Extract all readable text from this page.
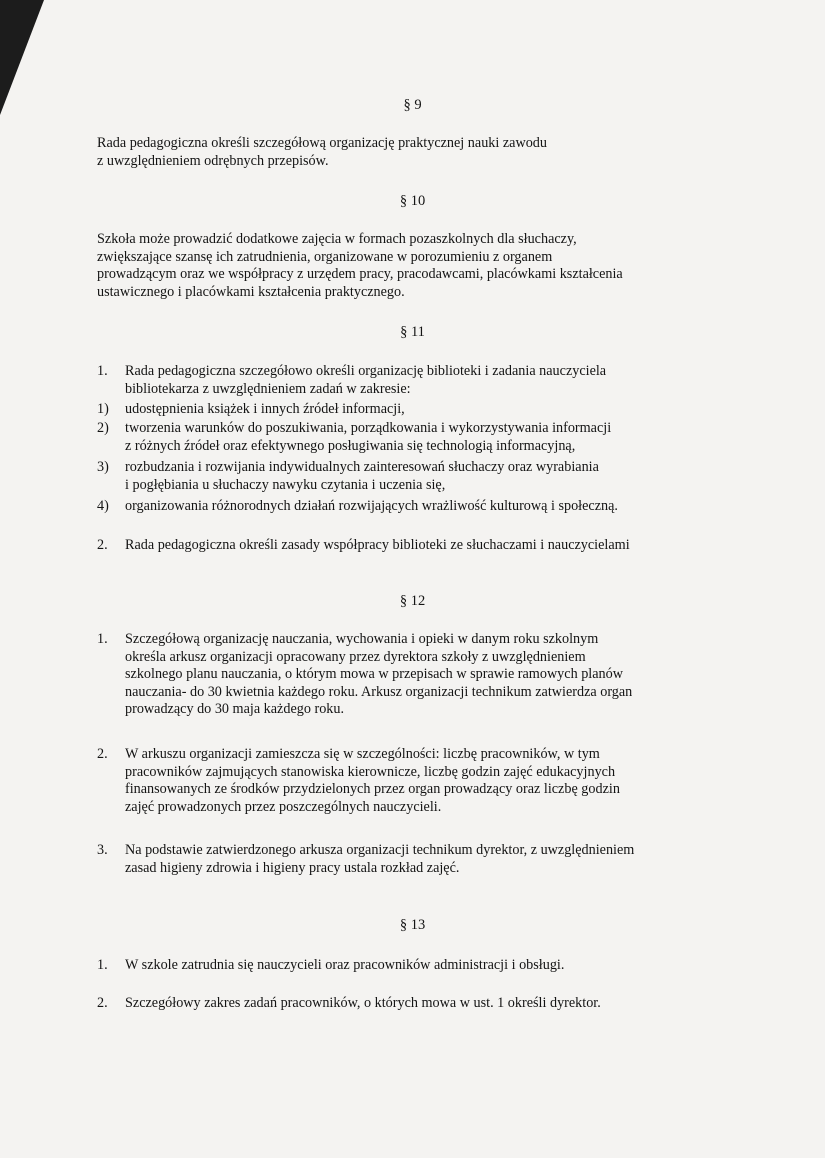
§ 9
Rada pedagogiczna określi szczegółową organizację praktycznej nauki zawodu
z uwzględnieniem odrębnych przepisów.
§ 10
Szkoła może prowadzić dodatkowe zajęcia w formach pozaszkolnych dla słuchaczy,
zwiększające szansę ich zatrudnienia, organizowane w porozumieniu z organem
prowadzącym oraz we współpracy z urzędem pracy, pracodawcami, placówkami kształcenia
ustawicznego i placówkami kształcenia praktycznego.
§ 11
1. Rada pedagogiczna szczegółowo określi organizację biblioteki i zadania nauczyciela
bibliotekarza z uwzględnieniem zadań w zakresie:
1) udostępnienia książek i innych źródeł informacji,
2) tworzenia warunków do poszukiwania, porządkowania i wykorzystywania informacji
z różnych źródeł oraz efektywnego posługiwania się technologią informacyjną,
3) rozbudzania i rozwijania indywidualnych zainteresowań słuchaczy oraz wyrabiania
i pogłębiania u słuchaczy nawyku czytania i uczenia się,
4) organizowania różnorodnych działań rozwijających wrażliwość kulturową i społeczną.
2. Rada pedagogiczna określi zasady współpracy biblioteki ze słuchaczami i nauczycielami
§ 12
1. Szczegółową organizację nauczania, wychowania i opieki w danym roku szkolnym
określa arkusz organizacji opracowany przez dyrektora szkoły z uwzględnieniem
szkolnego planu nauczania, o którym mowa w przepisach w sprawie ramowych planów
nauczania- do 30 kwietnia każdego roku. Arkusz organizacji technikum zatwierdza organ
prowadzący do 30 maja każdego roku.
2. W arkuszu organizacji zamieszcza się w szczególności: liczbę pracowników, w tym
pracowników zajmujących stanowiska kierownicze, liczbę godzin zajęć edukacyjnych
finansowanych ze środków przydzielonych przez organ prowadzący oraz liczbę godzin
zajęć prowadzonych przez poszczególnych nauczycieli.
3. Na podstawie zatwierdzonego arkusza organizacji technikum dyrektor, z uwzględnieniem
zasad higieny zdrowia i higieny pracy ustala rozkład zajęć.
§ 13
1. W szkole zatrudnia się nauczycieli oraz pracowników administracji i obsługi.
2. Szczegółowy zakres zadań pracowników, o których mowa w ust. 1 określi dyrektor.
